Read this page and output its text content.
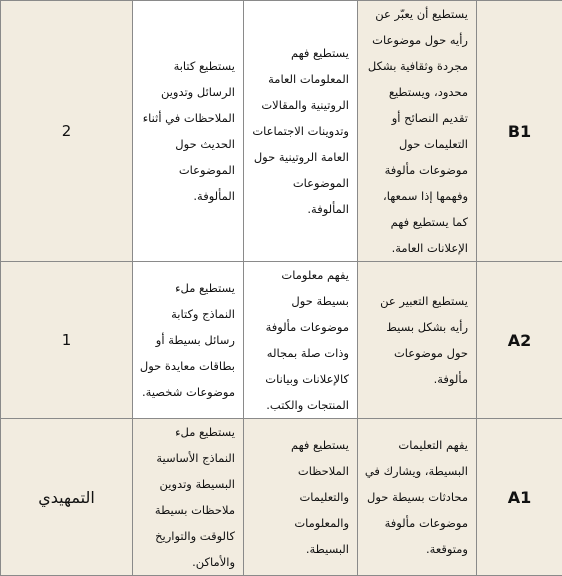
B1	يستطيع أن يعبّر عن رأيه حول موضوعات مجردة وثقافية بشكل محدود، ويستطيع تقديم النصائح أو التعليمات حول موضوعات مألوفة وفهمها إذا سمعها، كما يستطيع فهم الإعلانات العامة.	يستطيع فهم المعلومات العامة الروتينية والمقالات وتدوينات الاجتماعات العامة الروتينية حول الموضوعات المألوفة.	يستطيع كتابة الرسائل وتدوين الملاحظات في أثناء الحديث حول الموضوعات المألوفة.	2
A2	يستطيع التعبير عن رأيه بشكل بسيط حول موضوعات مألوفة.	يفهم معلومات بسيطة حول موضوعات مألوفة وذات صلة بمجاله كالإعلانات وبيانات المنتجات والكتب.	يستطيع ملء النماذج وكتابة رسائل بسيطة أو بطاقات معايدة حول موضوعات شخصية.	1
A1	يفهم التعليمات البسيطة، ويشارك في محادثات بسيطة حول موضوعات مألوفة ومتوقعة.	يستطيع فهم الملاحظات والتعليمات والمعلومات البسيطة.	يستطيع ملء النماذج الأساسية البسيطة وتدوين ملاحظات بسيطة كالوقت والتواريخ والأماكن.	التمهيدي
